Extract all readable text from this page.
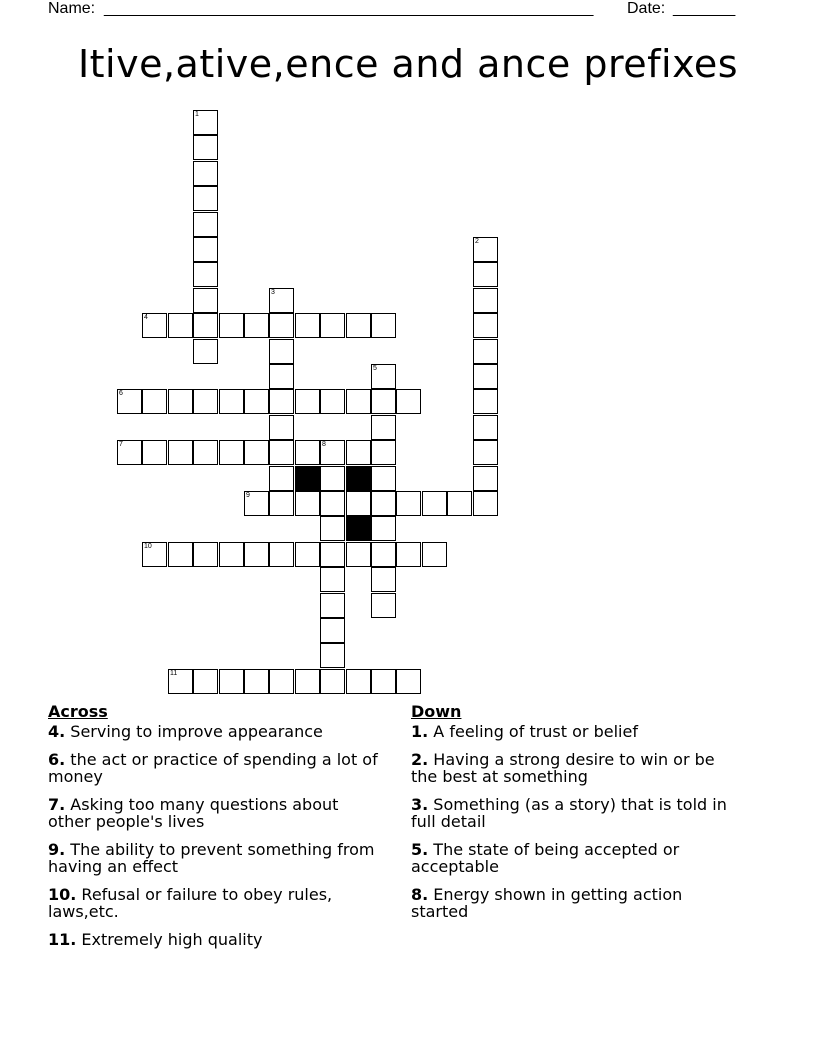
Name: _______________________________________________________ Date: _______
Itive,ative,ence and ance prefixes
1
2
3
4
5
6
7	8
9
10
11
Across
4. Serving to improve appearance
6. the act or practice of spending a lot of money
7. Asking too many questions about other people's lives
9. The ability to prevent something from having an effect
10. Refusal or failure to obey rules, laws,etc.
11. Extremely high quality
Down
1. A feeling of trust or belief
2. Having a strong desire to win or be the best at something
3. Something (as a story) that is told in full detail
5. The state of being accepted or acceptable
8. Energy shown in getting action started
